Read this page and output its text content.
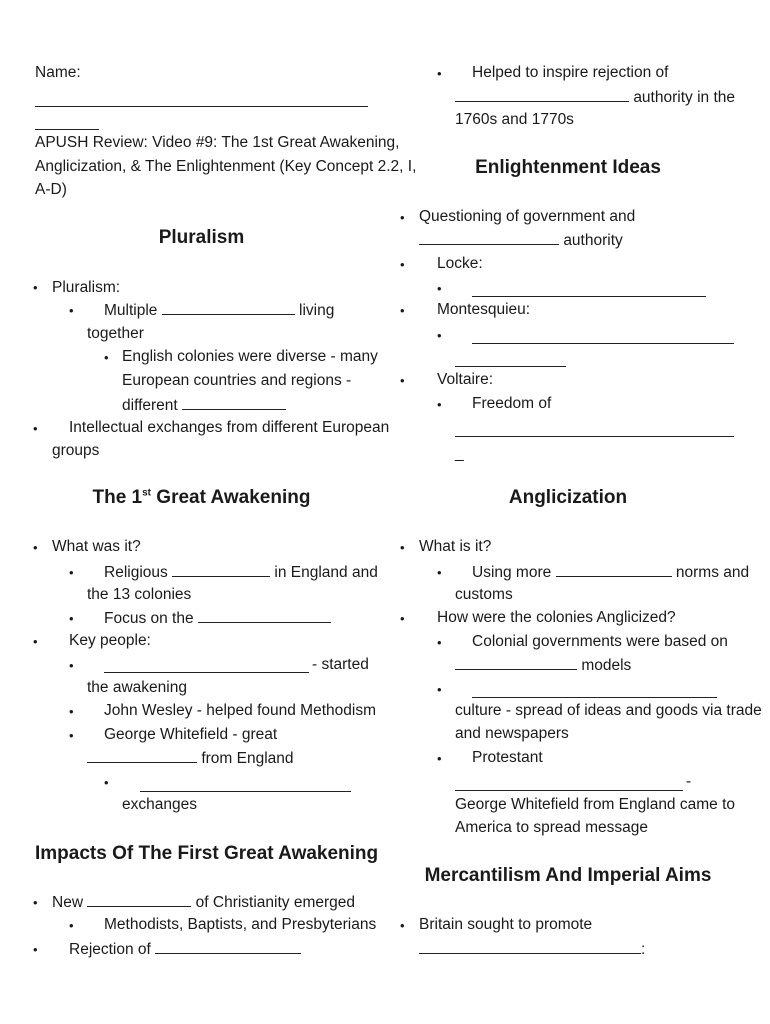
Name:
APUSH Review: Video #9: The 1st Great Awakening,
Anglicization, & The Enlightenment (Key Concept 2.2, I,
A-D)
Pluralism
• Pluralism:
• Multiple	living
together
• English colonies were diverse - many
European countries and regions -
different
• Intellectual exchanges from different European
groups
The 1st Great Awakening
• What was it?
• Religious	in England and
the 13 colonies
• Focus on the
• Key people:
•	- started
the awakening
• John Wesley - helped found Methodism
• George Whitefield - great
from England
•
exchanges
Impacts Of The First Great Awakening
• New	of Christianity emerged
• Methodists, Baptists, and Presbyterians
• Rejection of
• Helped to inspire rejection of
authority in the
1760s and 1770s
Enlightenment Ideas
• Questioning of government and
authority
• Locke:
•
• Montesquieu:
•
• Voltaire:
• Freedom of
_
Anglicization
• What is it?
• Using more	norms and
customs
• How were the colonies Anglicized?
• Colonial governments were based on
models
•
culture - spread of ideas and goods via trade
and newspapers
• Protestant
-
George Whitefield from England came to
America to spread message
Mercantilism And Imperial Aims
• Britain sought to promote
:
